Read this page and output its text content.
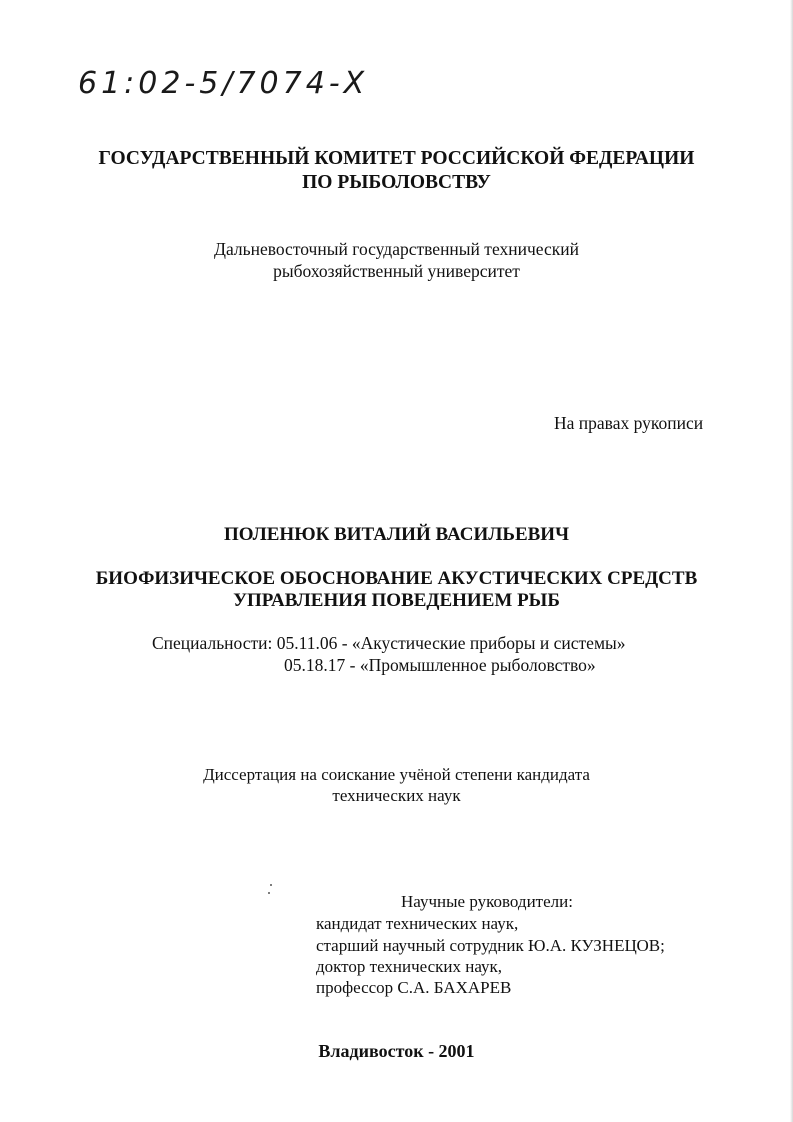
61:02-5/7074-Х
ГОСУДАРСТВЕННЫЙ КОМИТЕТ РОССИЙСКОЙ ФЕДЕРАЦИИ
ПО РЫБОЛОВСТВУ
Дальневосточный государственный технический
рыбохозяйственный университет
На правах рукописи
ПОЛЕНЮК ВИТАЛИЙ ВАСИЛЬЕВИЧ
БИОФИЗИЧЕСКОЕ ОБОСНОВАНИЕ АКУСТИЧЕСКИХ СРЕДСТВ
УПРАВЛЕНИЯ ПОВЕДЕНИЕМ РЫБ
Специальности: 05.11.06 - «Акустические приборы и системы»
05.18.17 - «Промышленное рыболовство»
Диссертация на соискание учёной степени кандидата
технических наук
Научные руководители:
кандидат технических наук,
старший научный сотрудник Ю.А. КУЗНЕЦОВ;
доктор технических наук,
профессор С.А. БАХАРЕВ
Владивосток - 2001
